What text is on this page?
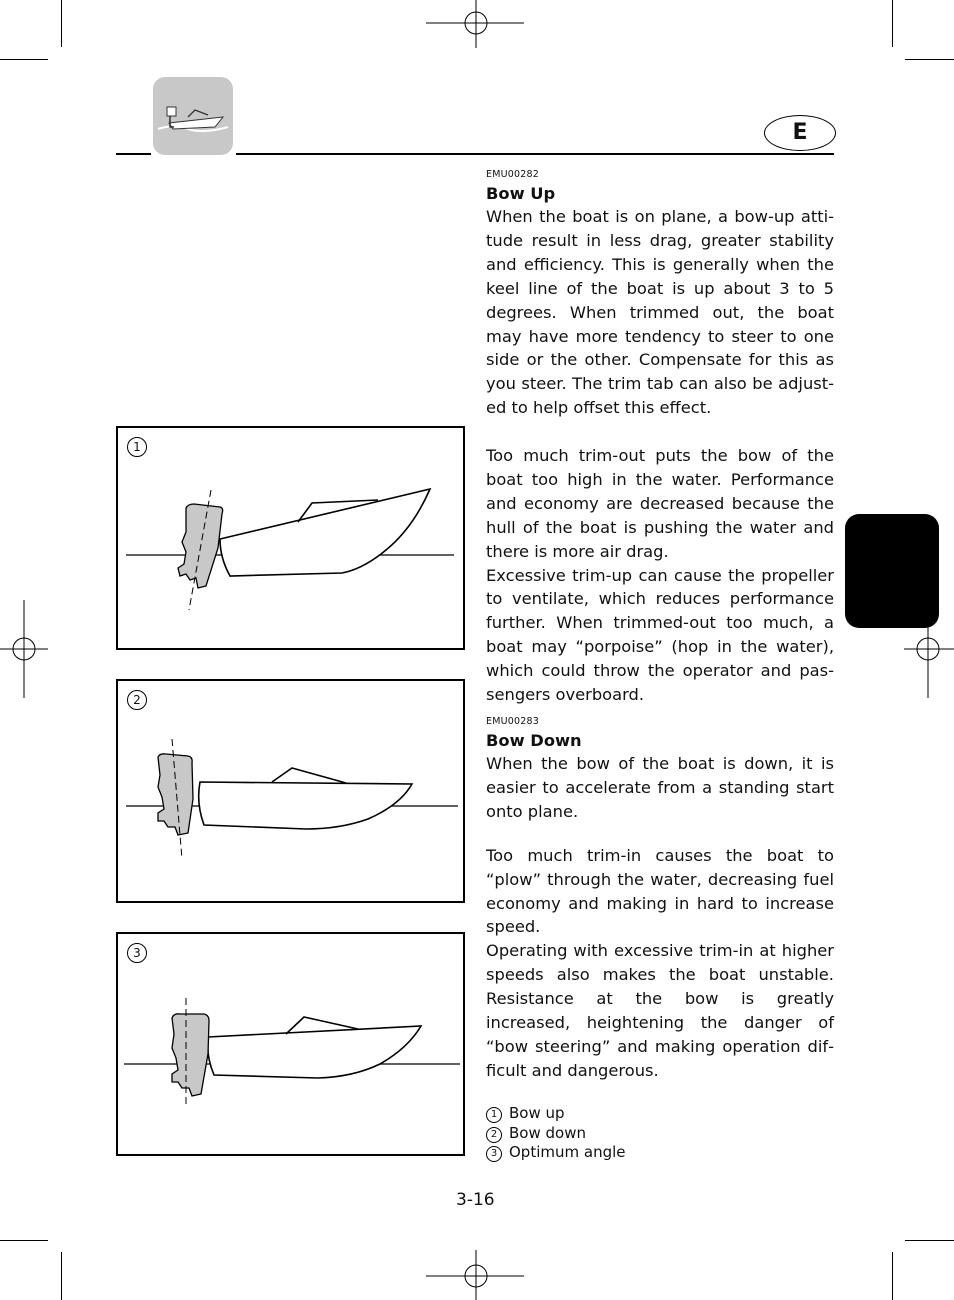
E
EMU00282
Bow Up
When the boat is on plane, a bow-up attitude result in less drag, greater stability and efficiency. This is generally when the keel line of the boat is up about 3 to 5 degrees. When trimmed out, the boat may have more tendency to steer to one side or the other. Compensate for this as you steer. The trim tab can also be adjusted to help offset this effect.
Too much trim-out puts the bow of the boat too high in the water. Performance and economy are decreased because the hull of the boat is pushing the water and there is more air drag.
Excessive trim-up can cause the propeller to ventilate, which reduces performance further. When trimmed-out too much, a boat may “porpoise” (hop in the water), which could throw the operator and passengers overboard.
EMU00283
Bow Down
When the bow of the boat is down, it is easier to accelerate from a standing start onto plane.
Too much trim-in causes the boat to “plow” through the water, decreasing fuel economy and making in hard to increase speed.
Operating with excessive trim-in at higher speeds also makes the boat unstable. Resistance at the bow is greatly increased, heightening the danger of “bow steering” and making operation difficult and dangerous.
1 Bow up
2 Bow down
3 Optimum angle
1
2
3
3-16
